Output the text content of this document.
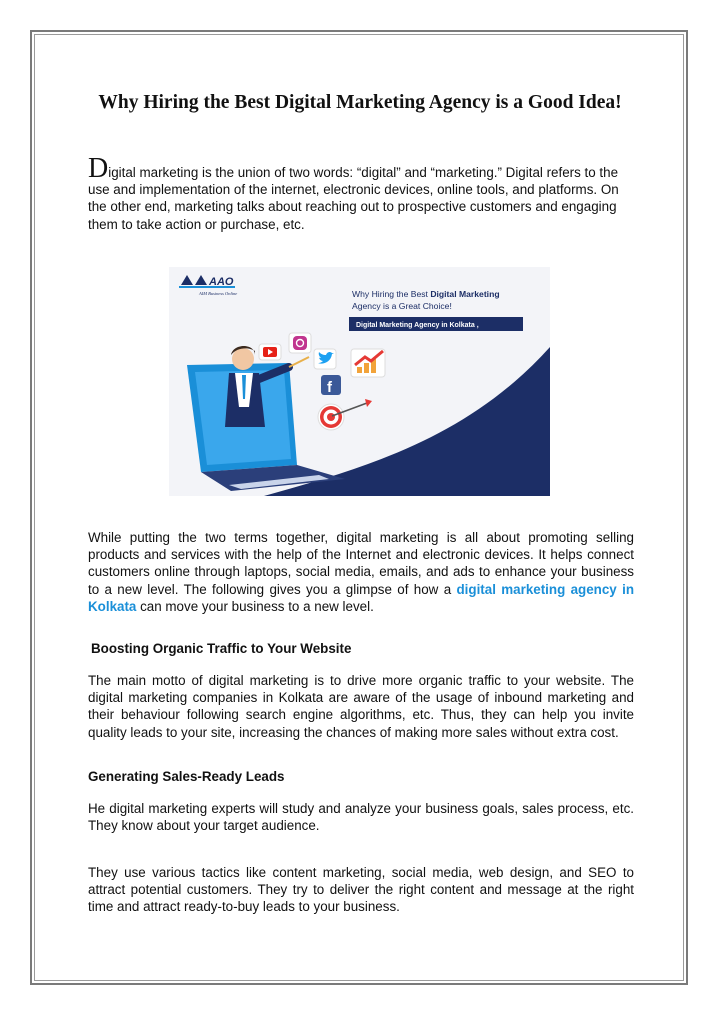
Why Hiring the Best Digital Marketing Agency is a Good Idea!

Digital marketing is the union of two words: “digital” and “marketing.” Digital refers to the use and implementation of the internet, electronic devices, online tools, and platforms. On the other end, marketing talks about reaching out to prospective customers and engaging them to take action or purchase, etc.

AAO
AIM Business Online	Why Hiring the Best Digital Marketing
Agency is a Great Choice!
Digital Marketing Agency in Kolkata ,
f

While putting the two terms together, digital marketing is all about promoting selling products and services with the help of the Internet and electronic devices. It helps connect customers online through laptops, social media, emails, and ads to enhance your business to a new level. The following gives you a glimpse of how a digital marketing agency in Kolkata can move your business to a new level.

Boosting Organic Traffic to Your Website

The main motto of digital marketing is to drive more organic traffic to your website. The digital marketing companies in Kolkata are aware of the usage of inbound marketing and their behaviour following search engine algorithms, etc. Thus, they can help you invite quality leads to your site, increasing the chances of making more sales without extra cost.

Generating Sales-Ready Leads

He digital marketing experts will study and analyze your business goals, sales process, etc. They know about your target audience.

They use various tactics like content marketing, social media, web design, and SEO to attract potential customers. They try to deliver the right content and message at the right time and attract ready-to-buy leads to your business.
